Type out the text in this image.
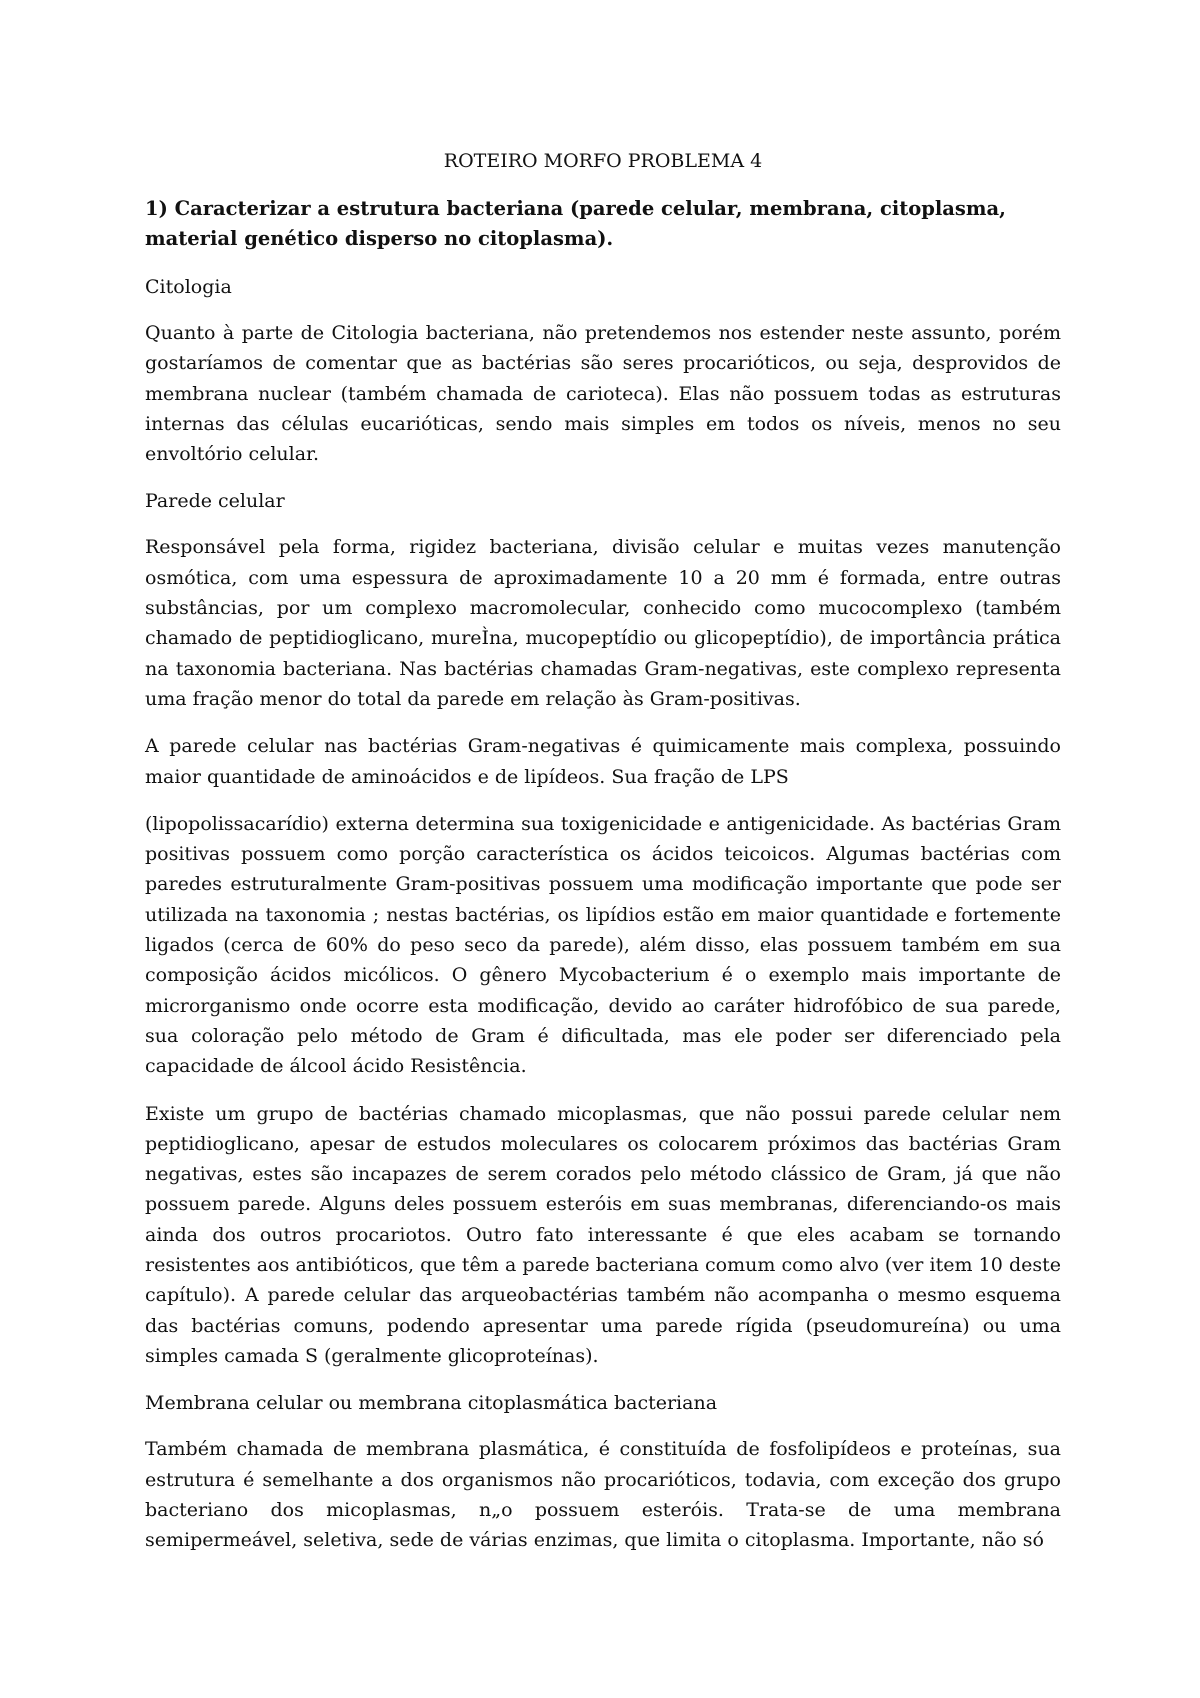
ROTEIRO MORFO PROBLEMA 4
1) Caracterizar a estrutura bacteriana (parede celular, membrana, citoplasma, material genético disperso no citoplasma).
Citologia

Quanto à parte de Citologia bacteriana, não pretendemos nos estender neste assunto, porém gostaríamos de comentar que as bactérias são seres procarióticos, ou seja, desprovidos de membrana nuclear (também chamada de carioteca). Elas não possuem todas as estruturas internas das células eucarióticas, sendo mais simples em todos os níveis, menos no seu envoltório celular.

Parede celular

Responsável pela forma, rigidez bacteriana, divisão celular e muitas vezes manutenção osmótica, com uma espessura de aproximadamente 10 a 20 mm é formada, entre outras substâncias, por um complexo macromolecular, conhecido como mucocomplexo (também chamado de peptidioglicano, mureÌna, mucopeptídio ou glicopeptídio), de importância prática na taxonomia bacteriana. Nas bactérias chamadas Gram-negativas, este complexo representa uma fração menor do total da parede em relação às Gram-positivas.

A parede celular nas bactérias Gram-negativas é quimicamente mais complexa, possuindo maior quantidade de aminoácidos e de lipídeos. Sua fração de LPS

(lipopolissacarídio) externa determina sua toxigenicidade e antigenicidade. As bactérias Gram positivas possuem como porção característica os ácidos teicoicos. Algumas bactérias com paredes estruturalmente Gram-positivas possuem uma modificação importante que pode ser utilizada na taxonomia ; nestas bactérias, os lipídios estão em maior quantidade e fortemente ligados (cerca de 60% do peso seco da parede), além disso, elas possuem também em sua composição ácidos micólicos. O gênero Mycobacterium é o exemplo mais importante de microrganismo onde ocorre esta modificação, devido ao caráter hidrofóbico de sua parede, sua coloração pelo método de Gram é dificultada, mas ele poder ser diferenciado pela capacidade de álcool ácido Resistência.

Existe um grupo de bactérias chamado micoplasmas, que não possui parede celular nem peptidioglicano, apesar de estudos moleculares os colocarem próximos das bactérias Gram negativas, estes são incapazes de serem corados pelo método clássico de Gram, já que não possuem parede. Alguns deles possuem esteróis em suas membranas, diferenciando-os mais ainda dos outros procariotos. Outro fato interessante é que eles acabam se tornando resistentes aos antibióticos, que têm a parede bacteriana comum como alvo (ver item 10 deste capítulo). A parede celular das arqueobactérias também não acompanha o mesmo esquema das bactérias comuns, podendo apresentar uma parede rígida (pseudomureína) ou uma simples camada S (geralmente glicoproteínas).

Membrana celular ou membrana citoplasmática bacteriana

Também chamada de membrana plasmática, é constituída de fosfolipídeos e proteínas, sua estrutura é semelhante a dos organismos não procarióticos, todavia, com exceção dos grupo bacteriano dos micoplasmas, n„o possuem esteróis. Trata-se de uma membrana semipermeável, seletiva, sede de várias enzimas, que limita o citoplasma. Importante, não só
